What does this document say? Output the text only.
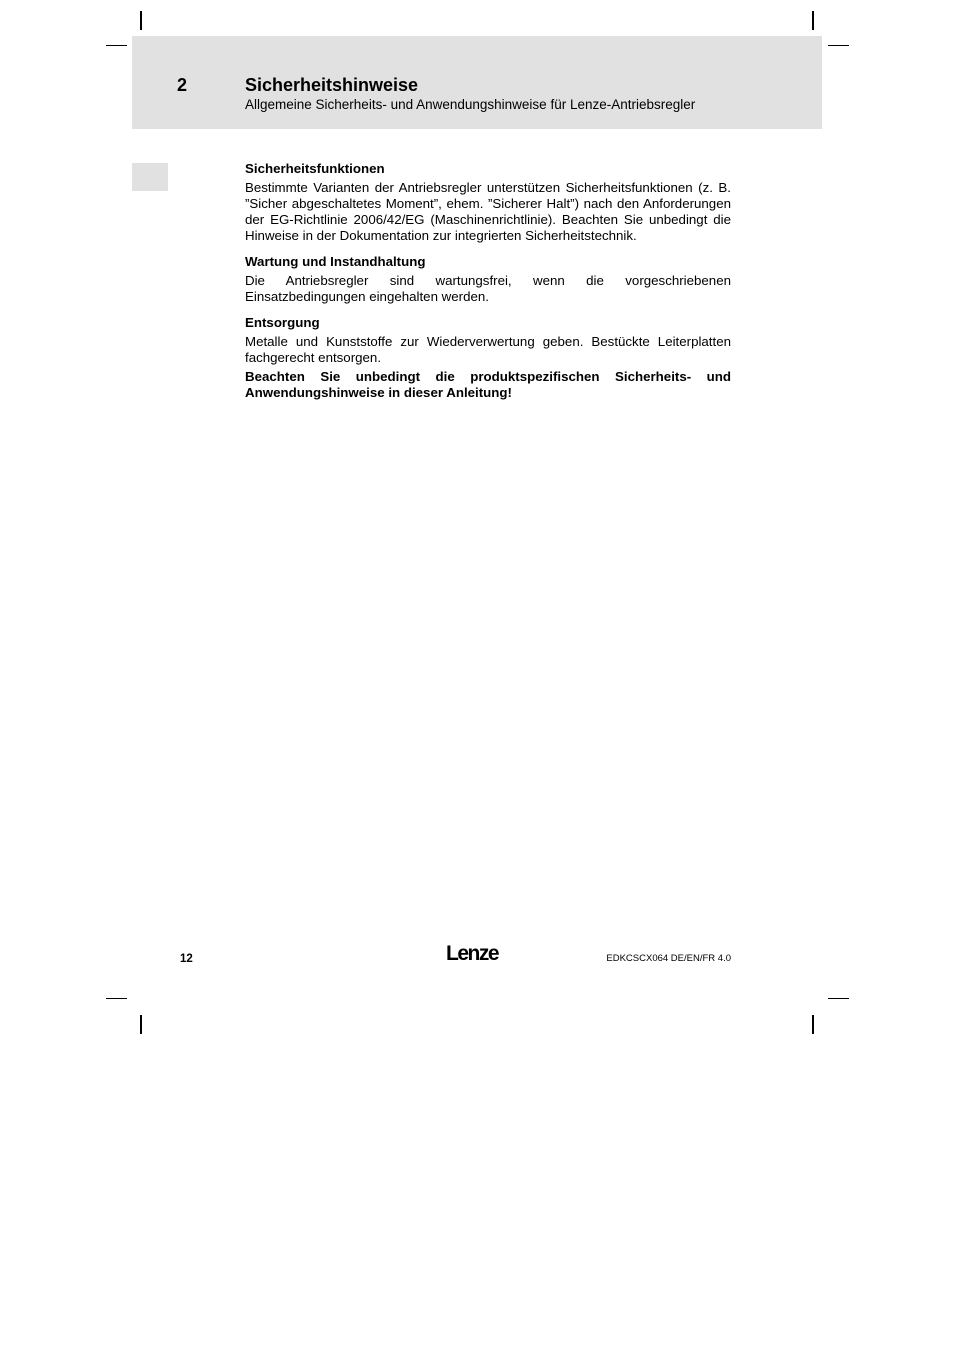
2	Sicherheitshinweise
Allgemeine Sicherheits- und Anwendungshinweise für Lenze-Antriebsregler
Sicherheitsfunktionen

Bestimmte Varianten der Antriebsregler unterstützen Sicherheitsfunktionen (z. B. ”Sicher abgeschaltetes Moment”, ehem. ”Sicherer Halt”) nach den Anforderungen der EG-Richtlinie 2006/42/EG (Maschinenrichtlinie). Beachten Sie unbedingt die Hinweise in der Dokumentation zur integrierten Sicherheitstechnik.

Wartung und Instandhaltung

Die Antriebsregler sind wartungsfrei, wenn die vorgeschriebenen Einsatzbedingungen eingehalten werden.

Entsorgung

Metalle und Kunststoffe zur Wiederverwertung geben. Bestückte Leiterplatten fachgerecht entsorgen.

Beachten Sie unbedingt die produktspezifischen Sicherheits- und Anwendungshinweise in dieser Anleitung!

12	Lenze	EDKCSCX064 DE/EN/FR 4.0
